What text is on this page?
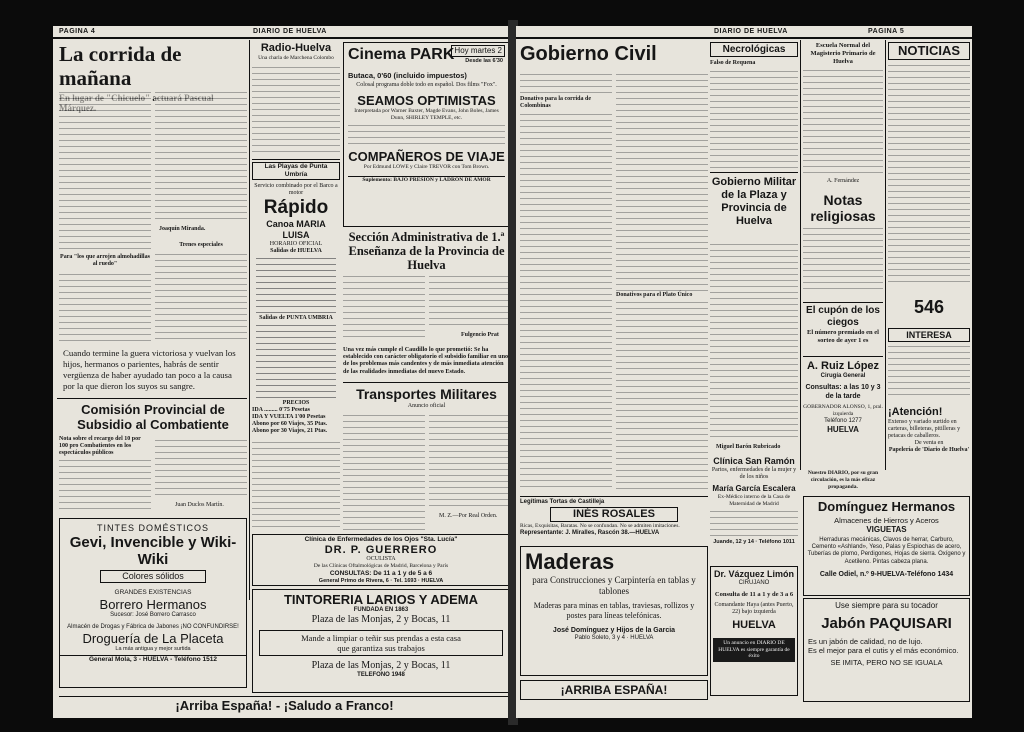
PAGINA 4	DIARIO DE HUELVA
La corrida de mañana
Joaquín Miranda.
Trenes especiales
Para "los que arrojen almohadillas al ruedo"
Cuando termine la guera victoriosa y vuelvan los hijos, hermanos o parientes, habrás de sentir vergüenza de haber ayudado tan poco a la causa por la que dieron los suyos su sangre.
Comisión Provincial de Subsidio al Combatiente
Nota sobre el recargo del 10 por 100 pro Combatientes en los espectáculos públicos
Juan Duclos Martín.
TINTES DOMÉSTICOS
Gevi, Invencible y Wiki-Wiki
Colores sólidos
GRANDES EXISTENCIAS
Borrero Hermanos
Sucesor: José Borrero Carrasco
Almacén de Drogas y Fábrica de Jabones ¡NO CONFUNDIRSE!
Droguería de La Placeta
La más antigua y mejor surtida
General Mola, 3 - HUELVA - Teléfono 1512
Radio-Huelva
Una charla de Marchena Colombo
Las Playas de Punta Umbría
Servicio combinado por el Barco a motor
Rápido
Canoa MARIA LUISA
HORARIO OFICIAL
Salidas de HUELVA
Salidas de PUNTA UMBRIA
PRECIOS
IDA ......... 0'75 Pesetas
IDA Y VUELTA 1'00 Pesetas
Abono por 60 Viajes, 35 Ptas.
Abono por 30 Viajes, 21 Ptas.
Cinema PARK Hoy martes 2
Desde las 6'30
Butaca, 0'60 (incluido impuestos)
Colosal programa doble todo en español. Dos films "Fox".
SEAMOS OPTIMISTAS
Interpretada por Warner Baxter, Magde Evans, John Boles, James Dunn, SHIRLEY TEMPLE, etc.
COMPAÑEROS DE VIAJE
Por Edmund LOWE y Claire TREVOR con Tom Brown.
Suplemento: BAJO PRESIÓN y LADRÓN DE AMOR
Sección Administrativa de 1.ª Enseñanza de la Provincia de Huelva
Fulgencio Prat
Una vez más cumple el Caudillo lo que prometió: Se ha establecido con carácter obligatorio el subsidio familiar en uno de los problemas más candentes y de más inmediata atención de las realidades inmediatas del nuevo Estado.
Transportes Militares
Anuncio oficial
M. Z.—Por Real Orden.
Clínica de Enfermedades de los Ojos "Sta. Lucía"
DR. P. GUERRERO
OCULISTA
De las Clínicas Oftalmológicas de Madrid, Barcelona y París
CONSULTAS: De 11 a 1 y de 5 a 6
General Primo de Rivera, 6 · Tel. 1693 · HUELVA
TINTORERIA LARIOS Y ADEMA
FUNDADA EN 1863
Plaza de las Monjas, 2 y Bocas, 11
Mande a limpiar o teñir sus prendas a esta casa
que garantiza sus trabajos
Plaza de las Monjas, 2 y Bocas, 11
TELEFONO 1948
¡Arriba España! - ¡Saludo a Franco!
DIARIO DE HUELVA	PAGINA 5
Gobierno Civil
Donativo para la corrida de Colombinas
Donativos para el Plato Único
Necrológicas
Falso de Requena
Gobierno Militar de la Plaza y Provincia de Huelva
Miguel Barón Rubricado
Legítimas Tortas de Castilleja
INÉS ROSALES
Ricas, Exquisitas, Baratas. No se confundan. No se admiten imitaciones.
Representante: J. Miralles, Rascón 38.—HUELVA
Maderas
para Construcciones y Carpintería en tablas y tablones
Maderas para minas en tablas, traviesas, rollizos y postes para líneas telefónicas.
José Domínguez y Hijos de la Garcia
Pablo Soleto, 3 y 4 · HUELVA
¡ARRIBA ESPAÑA!
Clínica San Ramón
Partos, enfermedades de la mujer y de los niños
María García Escalera
Ex-Médico interno de la Casa de Maternidad de Madrid
Juande, 12 y 14 · Teléfono 1011
Dr. Vázquez Limón
CIRUJANO
Consulta de 11 a 1 y de 3 a 6
Comandante Haya (antes Puerto, 22) bajo izquierda
HUELVA
Un anuncio en DIARIO DE HUELVA es siempre garantía de éxito
Escuela Normal del Magisterio Primario de Huelva
A. Fernández
Notas religiosas
El cupón de los ciegos
El número premiado en el sorteo de ayer 1 es
A. Ruiz López
Cirugía General
Consultas: a las 10 y 3 de la tarde
GOBERNADOR ALONSO, 1, pral. izquierda
Teléfono 1277
HUELVA
Nuestro DIARIO, por su gran circulación, es la más eficaz propaganda.
NOTICIAS
546
INTERESA
¡Atención!
Extenso y variado surtido en carteras, billeteras, pitilleras y petacas de caballeros.
De venta en
Papelería de 'Diario de Huelva'
Domínguez Hermanos
Almacenes de Hierros y Aceros
VIGUETAS
Herraduras mecánicas, Clavos de herrar, Carburo, Cemento «Ashland», Yeso, Palas y Espiochas de acero, Tuberías de plomo, Perdigones, Hojas de sierra. Oxígeno y Acetileno. Pintas cabeza plana.
Calle Odiel, n.º 9-HUELVA-Teléfono 1434
Use siempre para su tocador
Jabón PAQUISARI
Es un jabón de calidad, no de lujo.
Es el mejor para el cutis y el más económico.
SE IMITA, PERO NO SE IGUALA
